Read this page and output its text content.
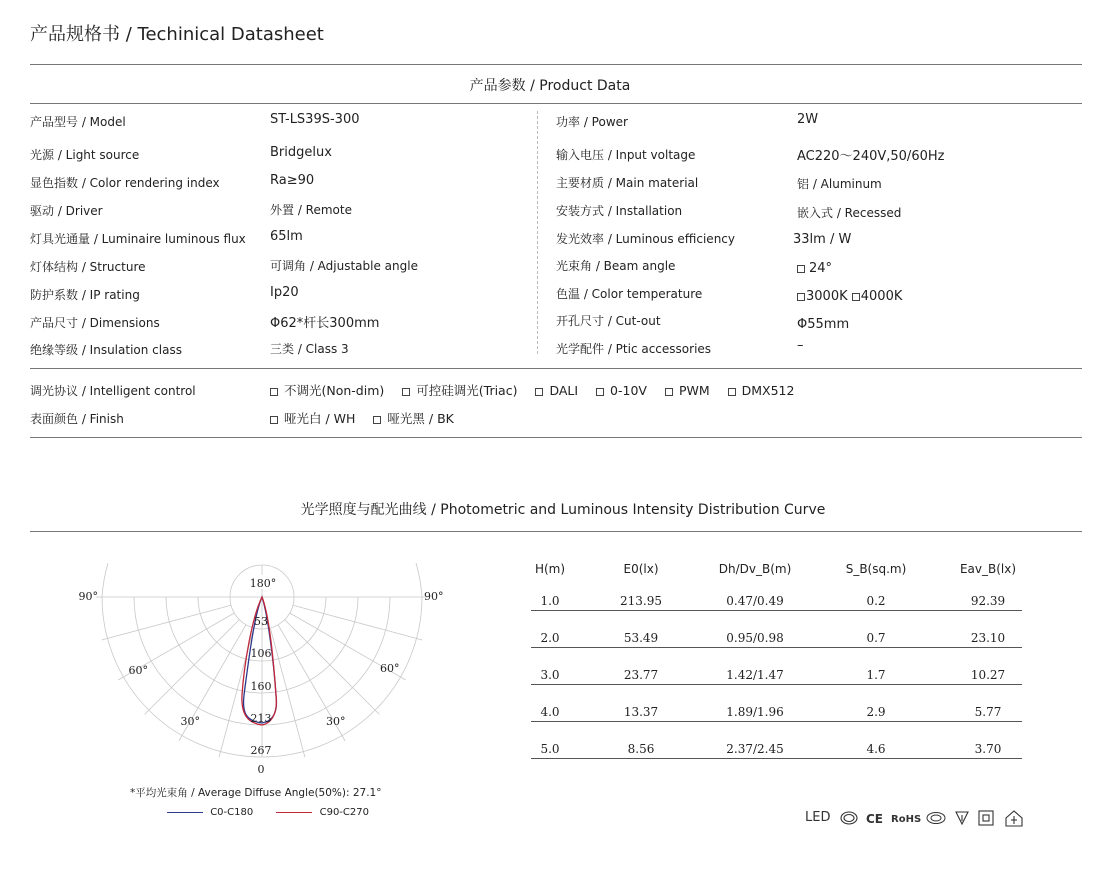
产品规格书 / Techinical Datasheet
产品参数 / Product Data
产品型号 / Model	ST-LS39S-300
光源 / Light source	Bridgelux
显色指数 / Color rendering index	Ra≥90
驱动 / Driver	外置 / Remote
灯具光通量 / Luminaire luminous flux 65lm
灯体结构 / Structure	可调角 / Adjustable angle
防护系数 / IP rating	Ip20
产品尺寸 / Dimensions	Φ62*杆长300mm
绝缘等级 / Insulation class	三类 / Class 3
功率 / Power	2W
输入电压 / Input voltage	AC220～240V,50/60Hz
主要材质 / Main material	铝 / Aluminum
安装方式 / Installation	嵌入式 / Recessed
发光效率 / Luminous efficiency	33lm / W
光束角 / Beam angle	24°
色温 / Color temperature	3000K 4000K
开孔尺寸 / Cut-out	Φ55mm
光学配件 / Ptic accessories	–
调光协议 / Intelligent control	不调光(Non-dim)	可控硅调光(Triac)	DALI	0-10V	PWM	DMX512
表面颜色 / Finish	哑光白 / WH	哑光黑 / BK
光学照度与配光曲线 / Photometric and Luminous Intensity Distribution Curve
180°
90°	90°
60°	60°
30°	30°
53
106
160
213
267
0
*平均光束角 / Average Diffuse Angle(50%): 27.1°
C0-C180	C90-C270
H(m)	E0(lx)	Dh/Dv_B(m)	S_B(sq.m)	Eav_B(lx)
1.0	213.95	0.47/0.49	0.2	92.39
2.0	53.49	0.95/0.98	0.7	23.10
3.0	23.77	1.42/1.47	1.7	10.27
4.0	13.37	1.89/1.96	2.9	5.77
5.0	8.56	2.37/2.45	4.6	3.70
LED	CE RoHS
